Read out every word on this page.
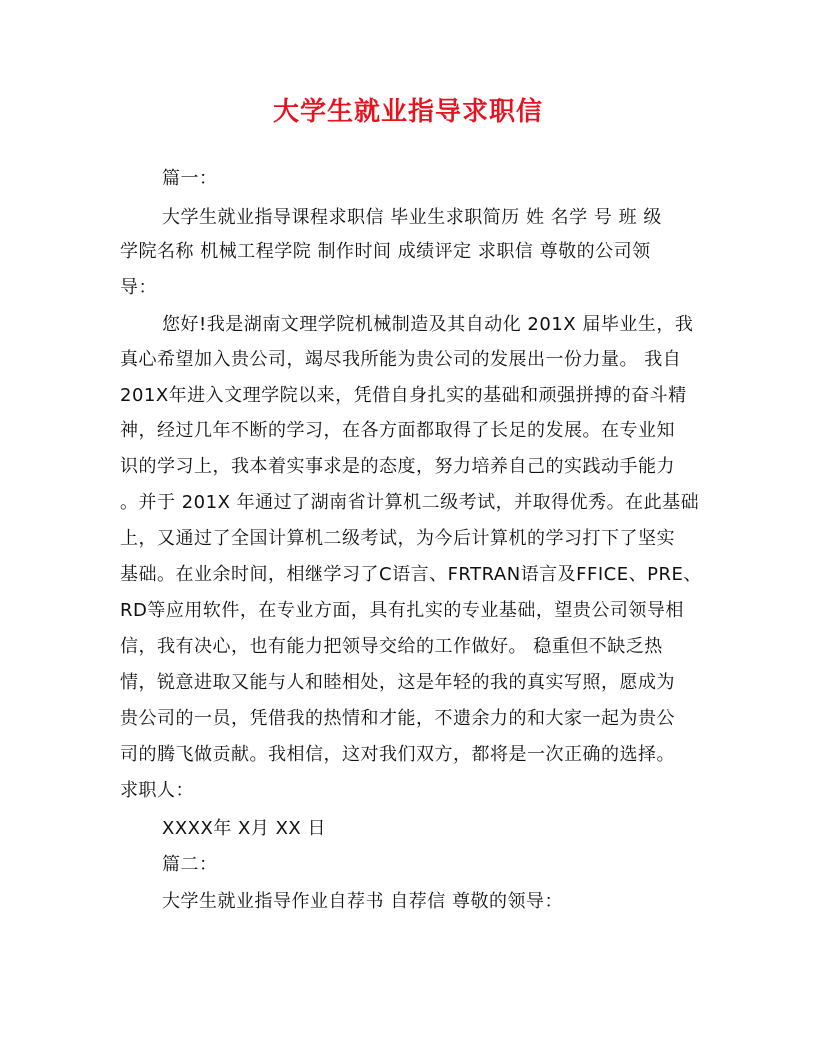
大学生就业指导求职信
篇一：
大学生就业指导课程求职信 毕业生求职简历 姓 名学 号 班 级
学院名称 机械工程学院 制作时间 成绩评定 求职信 尊敬的公司领
导：
您好!我是湖南文理学院机械制造及其自动化 201X 届毕业生，我
真心希望加入贵公司，竭尽我所能为贵公司的发展出一份力量。 我自
201X年进入文理学院以来，凭借自身扎实的基础和顽强拼搏的奋斗精
神，经过几年不断的学习，在各方面都取得了长足的发展。在专业知
识的学习上，我本着实事求是的态度，努力培养自己的实践动手能力
。并于 201X 年通过了湖南省计算机二级考试，并取得优秀。在此基础
上，又通过了全国计算机二级考试，为今后计算机的学习打下了坚实
基础。在业余时间，相继学习了C语言、FRTRAN语言及FFICE、PRE、
RD等应用软件，在专业方面，具有扎实的专业基础，望贵公司领导相
信，我有决心，也有能力把领导交给的工作做好。 稳重但不缺乏热
情，锐意进取又能与人和睦相处，这是年轻的我的真实写照，愿成为
贵公司的一员，凭借我的热情和才能，不遗余力的和大家一起为贵公
司的腾飞做贡献。我相信，这对我们双方，都将是一次正确的选择。
求职人：
XXXX年 X月 XX 日
篇二：
大学生就业指导作业自荐书 自荐信 尊敬的领导：
